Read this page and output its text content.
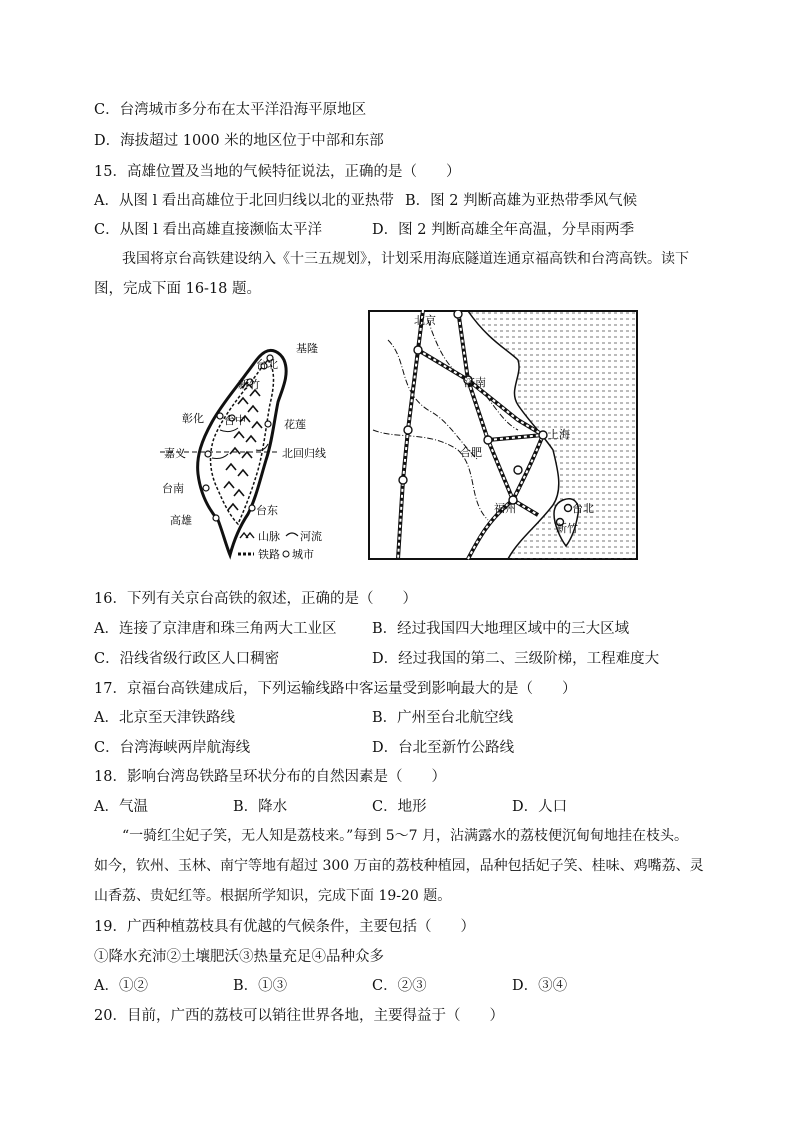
C．台湾城市多分布在太平洋沿海平原地区
D．海拔超过 1000 米的地区位于中部和东部
15．高雄位置及当地的气候特征说法，正确的是（　　）
A．从图 l 看出高雄位于北回归线以北的亚热带 B．图 2 判断高雄为亚热带季风气候
C．从图 l 看出高雄直接濒临太平洋	D．图 2 判断高雄全年高温，分旱雨两季
我国将京台高铁建设纳入《十三五规划》，计划采用海底隧道连通京福高铁和台湾高铁。读下
图，完成下面 16-18 题。
基隆
台北
新竹
彰化 台中	花莲
嘉义	北回归线
台南
台东
高雄
山脉 河流
铁路 城市
北京
济南
上海
合肥
福州	台北
新竹
16．下列有关京台高铁的叙述，正确的是（　　）
A．连接了京津唐和珠三角两大工业区 B．经过我国四大地理区域中的三大区域
C．沿线省级行政区人口稠密	D．经过我国的第二、三级阶梯，工程难度大
17．京福台高铁建成后，下列运输线路中客运量受到影响最大的是（　　）
A．北京至天津铁路线	B．广州至台北航空线
C．台湾海峡两岸航海线	D．台北至新竹公路线
18．影响台湾岛铁路呈环状分布的自然因素是（　　）
A．气温	B．降水	C．地形	D．人口
“一骑红尘妃子笑，无人知是荔枝来。”每到 5～7 月，沾满露水的荔枝便沉甸甸地挂在枝头。
如今，钦州、玉林、南宁等地有超过 300 万亩的荔枝种植园，品种包括妃子笑、桂味、鸡嘴荔、灵
山香荔、贵妃红等。根据所学知识，完成下面 19-20 题。
19．广西种植荔枝具有优越的气候条件，主要包括（　　）
①降水充沛②土壤肥沃③热量充足④品种众多
A．①②	B．①③	C．②③	D．③④
20．目前，广西的荔枝可以销往世界各地，主要得益于（　　）
